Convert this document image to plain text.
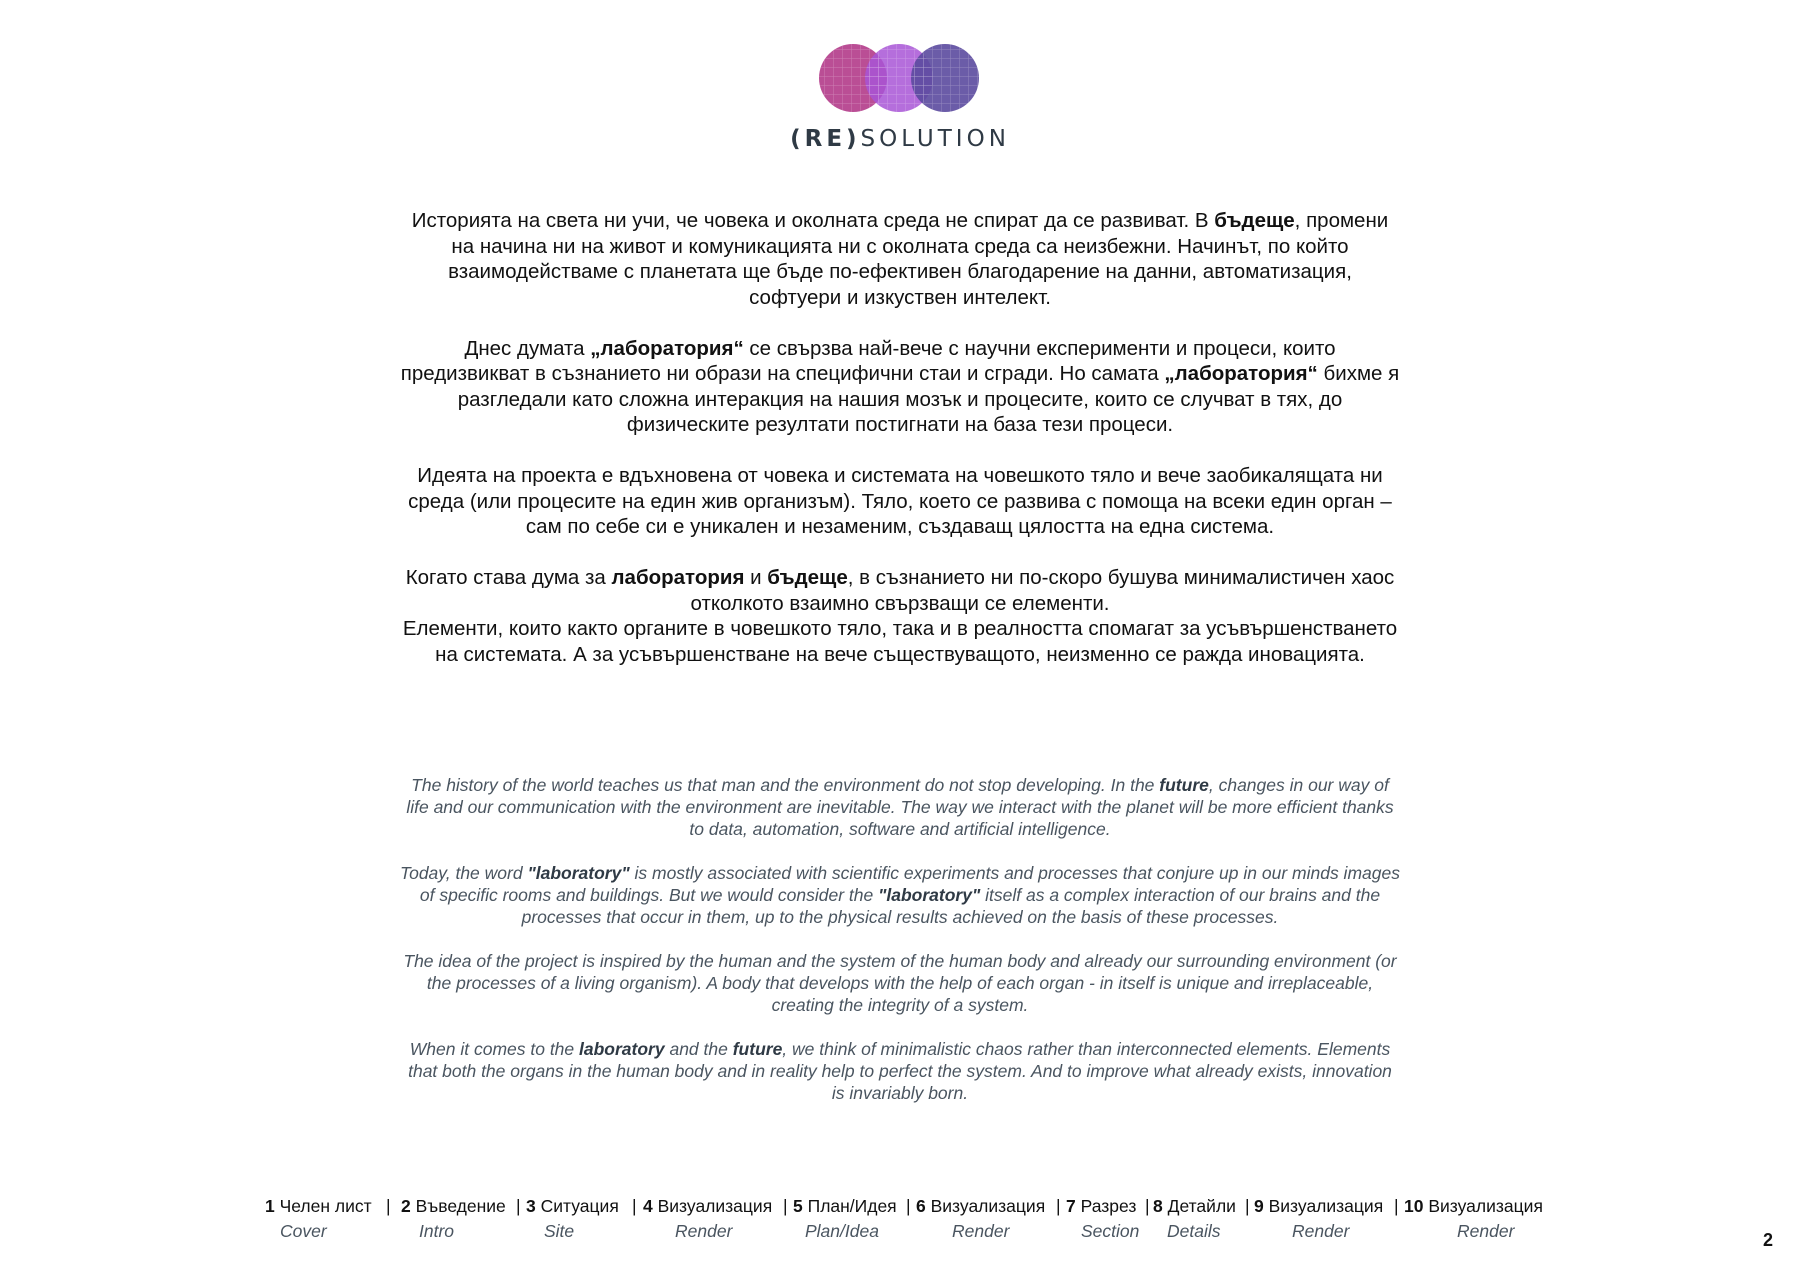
(RE)SOLUTION

Историята на света ни учи, че човека и околната среда не спират да се развиват. В бъдеще, промени на начина ни на живот и комуникацията ни с околната среда са неизбежни. Начинът, по който взаимодействаме с планетата ще бъде по-ефективен благодарение на данни, автоматизация, софтуери и изкуствен интелект.

Днес думата „лаборатория“ се свързва най-вече с научни експерименти и процеси, които предизвикват в съзнанието ни образи на специфични стаи и сгради. Но самата „лаборатория“ бихме я разгледали като сложна интеракция на нашия мозък и процесите, които се случват в тях, до физическите резултати постигнати на база тези процеси.

Идеята на проекта е вдъхновена от човека и системата на човешкото тяло и вече заобикалящата ни среда (или процесите на един жив организъм). Тяло, което се развива с помоща на всеки един орган – сам по себе си е уникален и незаменим, създаващ цялостта на една система.

Когато става дума за лаборатория и бъдеще, в съзнанието ни по-скоро бушува минималистичен хаос отколкото взаимно свързващи се елементи.
Елементи, които както органите в човешкото тяло, така и в реалността спомагат за усъвършенстването на системата. А за усъвършенстване на вече съществуващото, неизменно се ражда иновацията.

The history of the world teaches us that man and the environment do not stop developing. In the future, changes in our way of life and our communication with the environment are inevitable. The way we interact with the planet will be more efficient thanks to data, automation, software and artificial intelligence.

Today, the word "laboratory" is mostly associated with scientific experiments and processes that conjure up in our minds images of specific rooms and buildings. But we would consider the "laboratory" itself as a complex interaction of our brains and the processes that occur in them, up to the physical results achieved on the basis of these processes.

The idea of the project is inspired by the human and the system of the human body and already our surrounding environment (or the processes of a living organism). A body that develops with the help of each organ - in itself is unique and irreplaceable, creating the integrity of a system.

When it comes to the laboratory and the future, we think of minimalistic chaos rather than interconnected elements. Elements that both the organs in the human body and in reality help to perfect the system. And to improve what already exists, innovation is invariably born.

1 Челен лист
Cover
| 2 Въведение
Intro
| 3 Ситуация
Site
| 4 Визуализация
Render
| 5 План/Идея
Plan/Idea
| 6 Визуализация
Render
| 7 Разрез
Section
| 8 Детайли
Details
| 9 Визуализация
Render
| 10 Визуализация
Render	2
